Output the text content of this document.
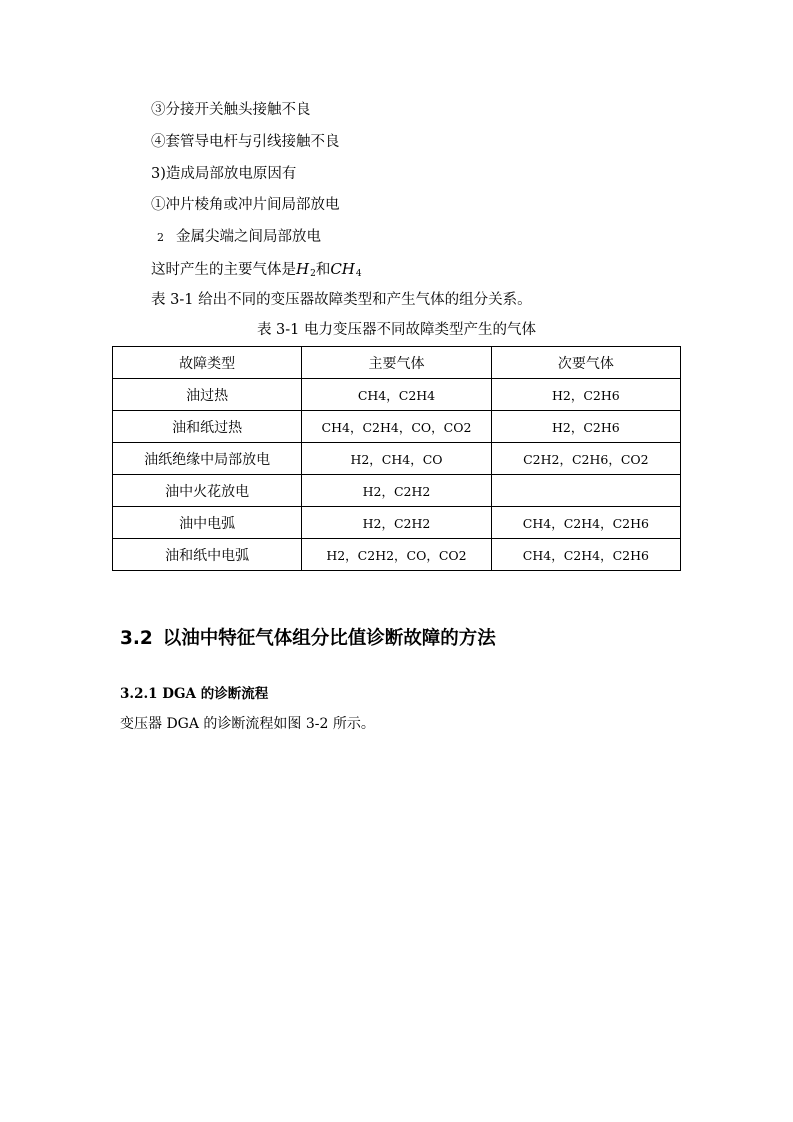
③分接开关触头接触不良
④套管导电杆与引线接触不良
3)造成局部放电原因有
①冲片棱角或冲片间局部放电
2 金属尖端之间局部放电
这时产生的主要气体是$H_2$和$CH_4$
表 3-1 给出不同的变压器故障类型和产生气体的组分关系。
表 3-1 电力变压器不同故障类型产生的气体
故障类型	主要气体	次要气体
油过热	CH4，C2H4	H2，C2H6
油和纸过热	CH4，C2H4，CO，CO2	H2，C2H6
油纸绝缘中局部放电	H2，CH4，CO	C2H2，C2H6，CO2
油中火花放电	H2，C2H2	
油中电弧	H2，C2H2	CH4，C2H4，C2H6
油和纸中电弧	H2，C2H2，CO，CO2	CH4，C2H4，C2H6
3.2 以油中特征气体组分比值诊断故障的方法
3.2.1 DGA 的诊断流程
变压器 DGA 的诊断流程如图 3-2 所示。
